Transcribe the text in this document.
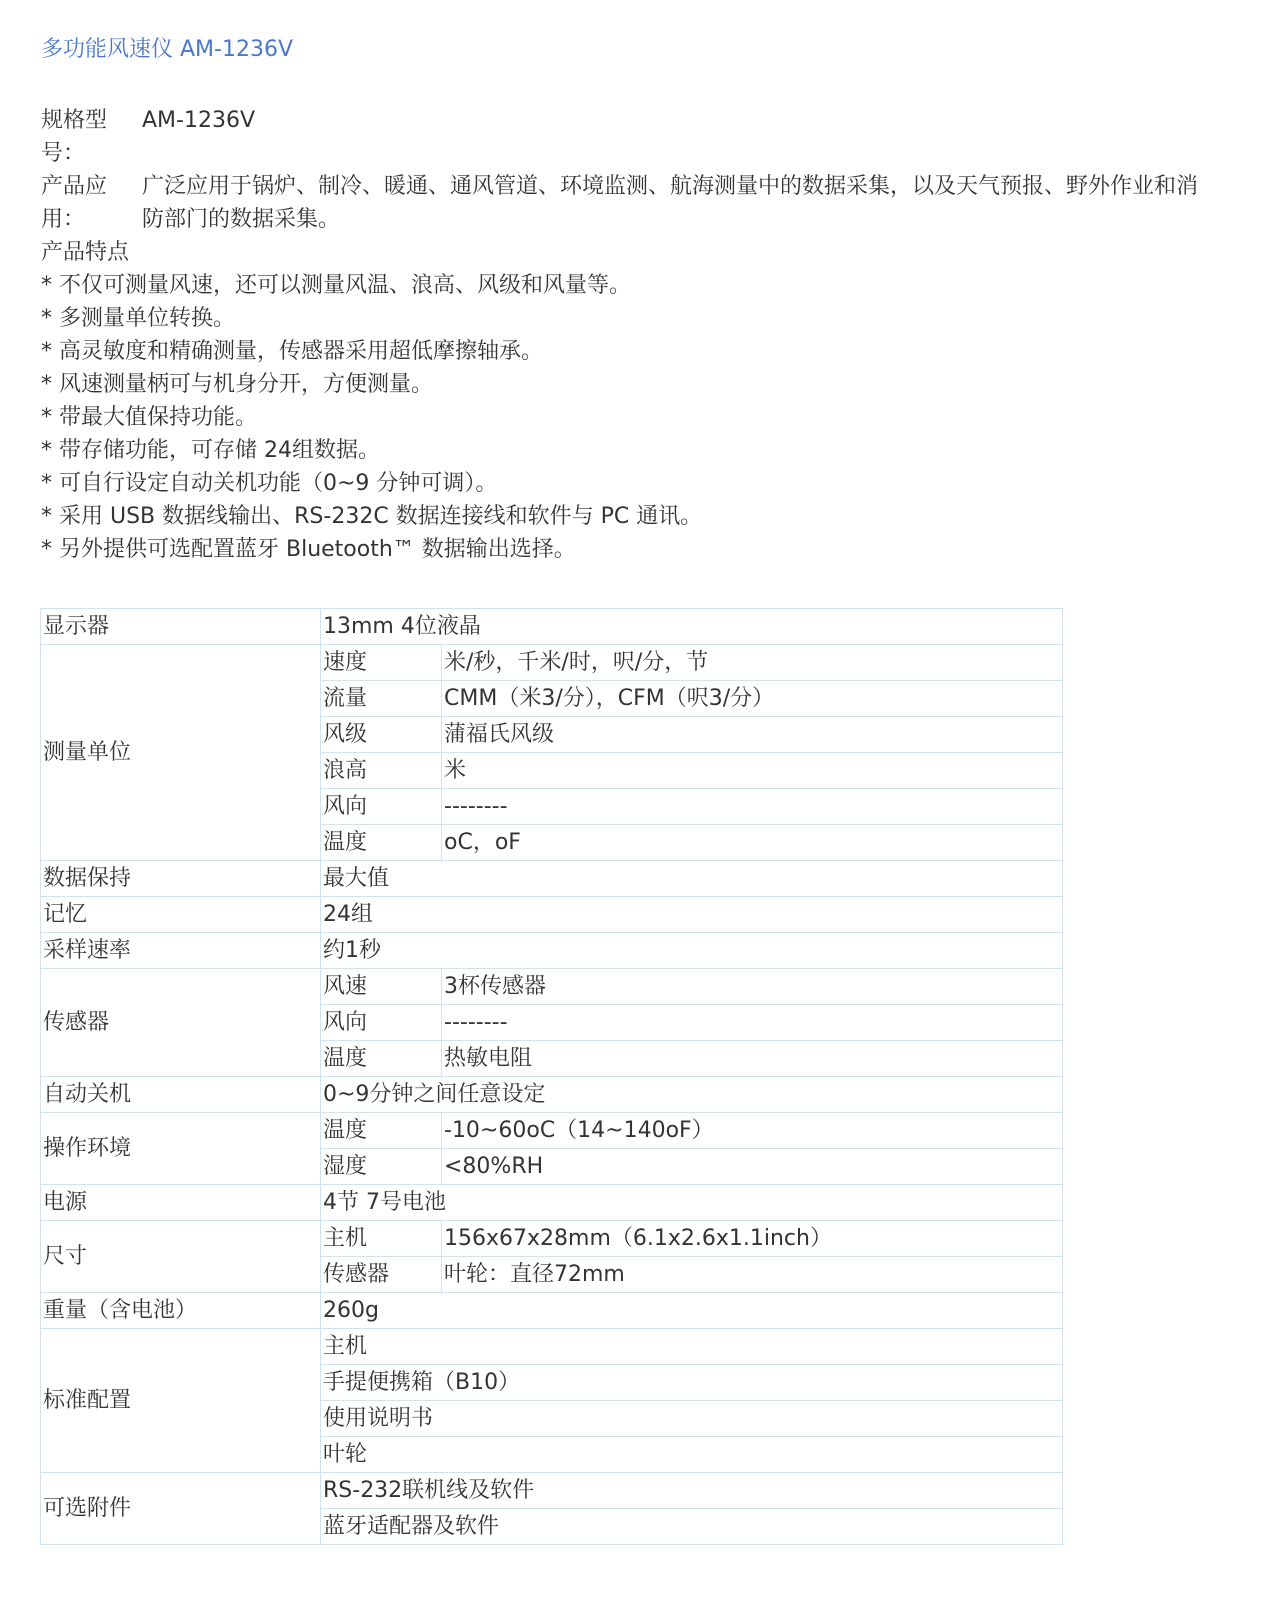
多功能风速仪 AM-1236V
规格型号：
AM-1236V
产品应用：
广泛应用于锅炉、制冷、暖通、通风管道、环境监测、航海测量中的数据采集，以及天气预报、野外作业和消防部门的数据采集。
产品特点
* 不仅可测量风速，还可以测量风温、浪高、风级和风量等。
* 多测量单位转换。
* 高灵敏度和精确测量，传感器采用超低摩擦轴承。
* 风速测量柄可与机身分开，方便测量。
* 带最大值保持功能。
* 带存储功能，可存储 24组数据。
* 可自行设定自动关机功能（0~9 分钟可调）。
* 采用 USB 数据线输出、RS-232C 数据连接线和软件与 PC 通讯。
* 另外提供可选配置蓝牙 Bluetooth™ 数据输出选择。
显示器	13mm 4位液晶	
测量单位	速度	米/秒，千米/时，呎/分，节
	流量	CMM（米3/分），CFM（呎3/分）
	风级	蒲福氏风级
	浪高	米
	风向	--------
	温度	oC，oF
数据保持	最大值	
记忆	24组	
采样速率	约1秒	
传感器	风速	3杯传感器
	风向	--------
	温度	热敏电阻
自动关机	0~9分钟之间任意设定	
操作环境	温度	-10~60oC（14~140oF）
	湿度	<80%RH
电源	4节 7号电池	
尺寸	主机	156x67x28mm（6.1x2.6x1.1inch）
	传感器	叶轮：直径72mm
重量（含电池）	260g	
标准配置	主机	
	手提便携箱（B10）	
	使用说明书	
	叶轮	
可选附件	RS-232联机线及软件	
	蓝牙适配器及软件	
